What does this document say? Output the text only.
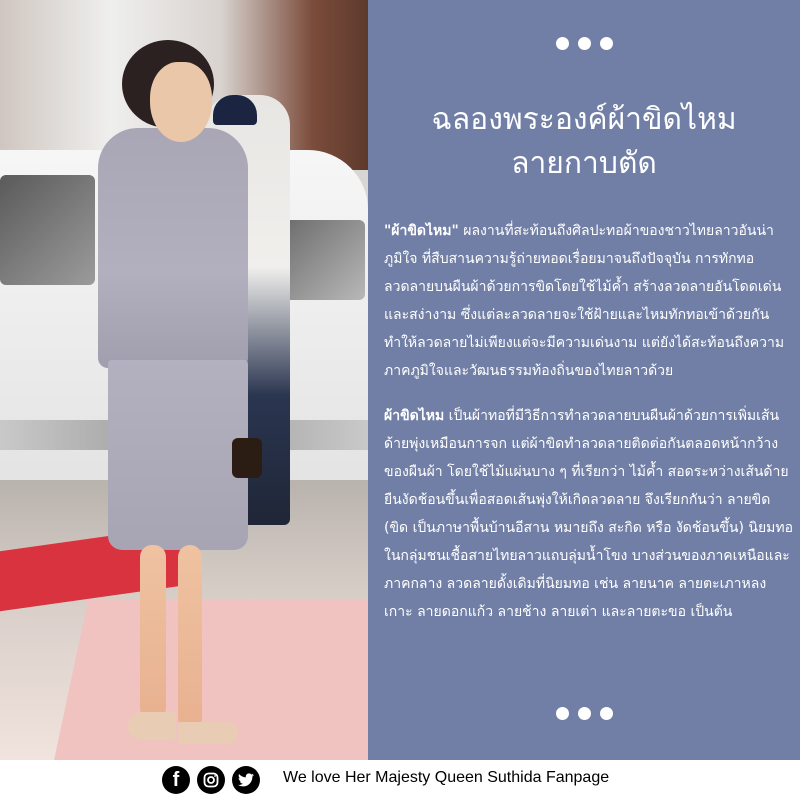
ฉลองพระองค์ผ้าขิดไหม
ลายกาบตัด
"ผ้าขิดไหม" ผลงานที่สะท้อนถึงศิลปะทอผ้าของชาวไทยลาวอันน่าภูมิใจ ที่สืบสานความรู้ถ่ายทอดเรื่อยมาจนถึงปัจจุบัน การทักทอลวดลายบนผืนผ้าด้วยการขิดโดยใช้ไม้ค้ำ สร้างลวดลายอันโดดเด่นและสง่างาม ซึ่งแต่ละลวดลายจะใช้ฝ้ายและไหมทักทอเข้าด้วยกัน ทำให้ลวดลายไม่เพียงแต่จะมีความเด่นงาม แต่ยังได้สะท้อนถึงความภาคภูมิใจและวัฒนธรรมท้องถิ่นของไทยลาวด้วย
ผ้าขิดไหม เป็นผ้าทอที่มีวิธีการทำลวดลายบนผืนผ้าด้วยการเพิ่มเส้นด้ายพุ่งเหมือนการจก แต่ผ้าขิดทำลวดลายติดต่อกันตลอดหน้ากว้างของผืนผ้า โดยใช้ไม้แผ่นบาง ๆ ที่เรียกว่า ไม้ค้ำ สอดระหว่างเส้นด้ายยืนงัดช้อนขึ้นเพื่อสอดเส้นพุ่งให้เกิดลวดลาย จึงเรียกกันว่า ลายขิด (ขิด เป็นภาษาพื้นบ้านอีสาน หมายถึง สะกิด หรือ งัดช้อนขึ้น) นิยมทอในกลุ่มชนเชื้อสายไทยลาวแถบลุ่มน้ำโขง บางส่วนของภาคเหนือและภาคกลาง ลวดลายดั้งเดิมที่นิยมทอ เช่น ลายนาค ลายตะเภาหลงเกาะ ลายดอกแก้ว ลายช้าง ลายเต่า และลายตะขอ เป็นต้น
f	We love Her Majesty Queen Suthida Fanpage
